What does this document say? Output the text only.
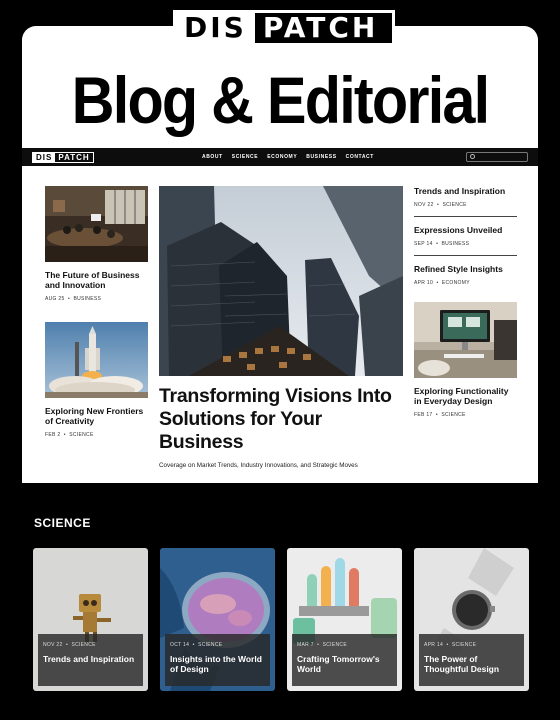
Blog & Editorial
DIS PATCH
DIS PATCH	ABOUT SCIENCE ECONOMY BUSINESS CONTACT
The Future of Business and Innovation
AUG 25 • BUSINESS
Exploring New Frontiers of Creativity
FEB 2 • SCIENCE
Transforming Visions Into Solutions for Your Business
Coverage on Market Trends, Industry Innovations, and Strategic Moves
Trends and Inspiration
NOV 22 • SCIENCE
Expressions Unveiled
SEP 14 • BUSINESS
Refined Style Insights
APR 10 • ECONOMY
Exploring Functionality in Everyday Design
FEB 17 • SCIENCE
SCIENCE
NOV 22 • SCIENCE
Trends and Inspiration
OCT 14 • SCIENCE
Insights into the World of Design
MAR 7 • SCIENCE
Crafting Tomorrow's World
APR 14 • SCIENCE
The Power of Thoughtful Design
